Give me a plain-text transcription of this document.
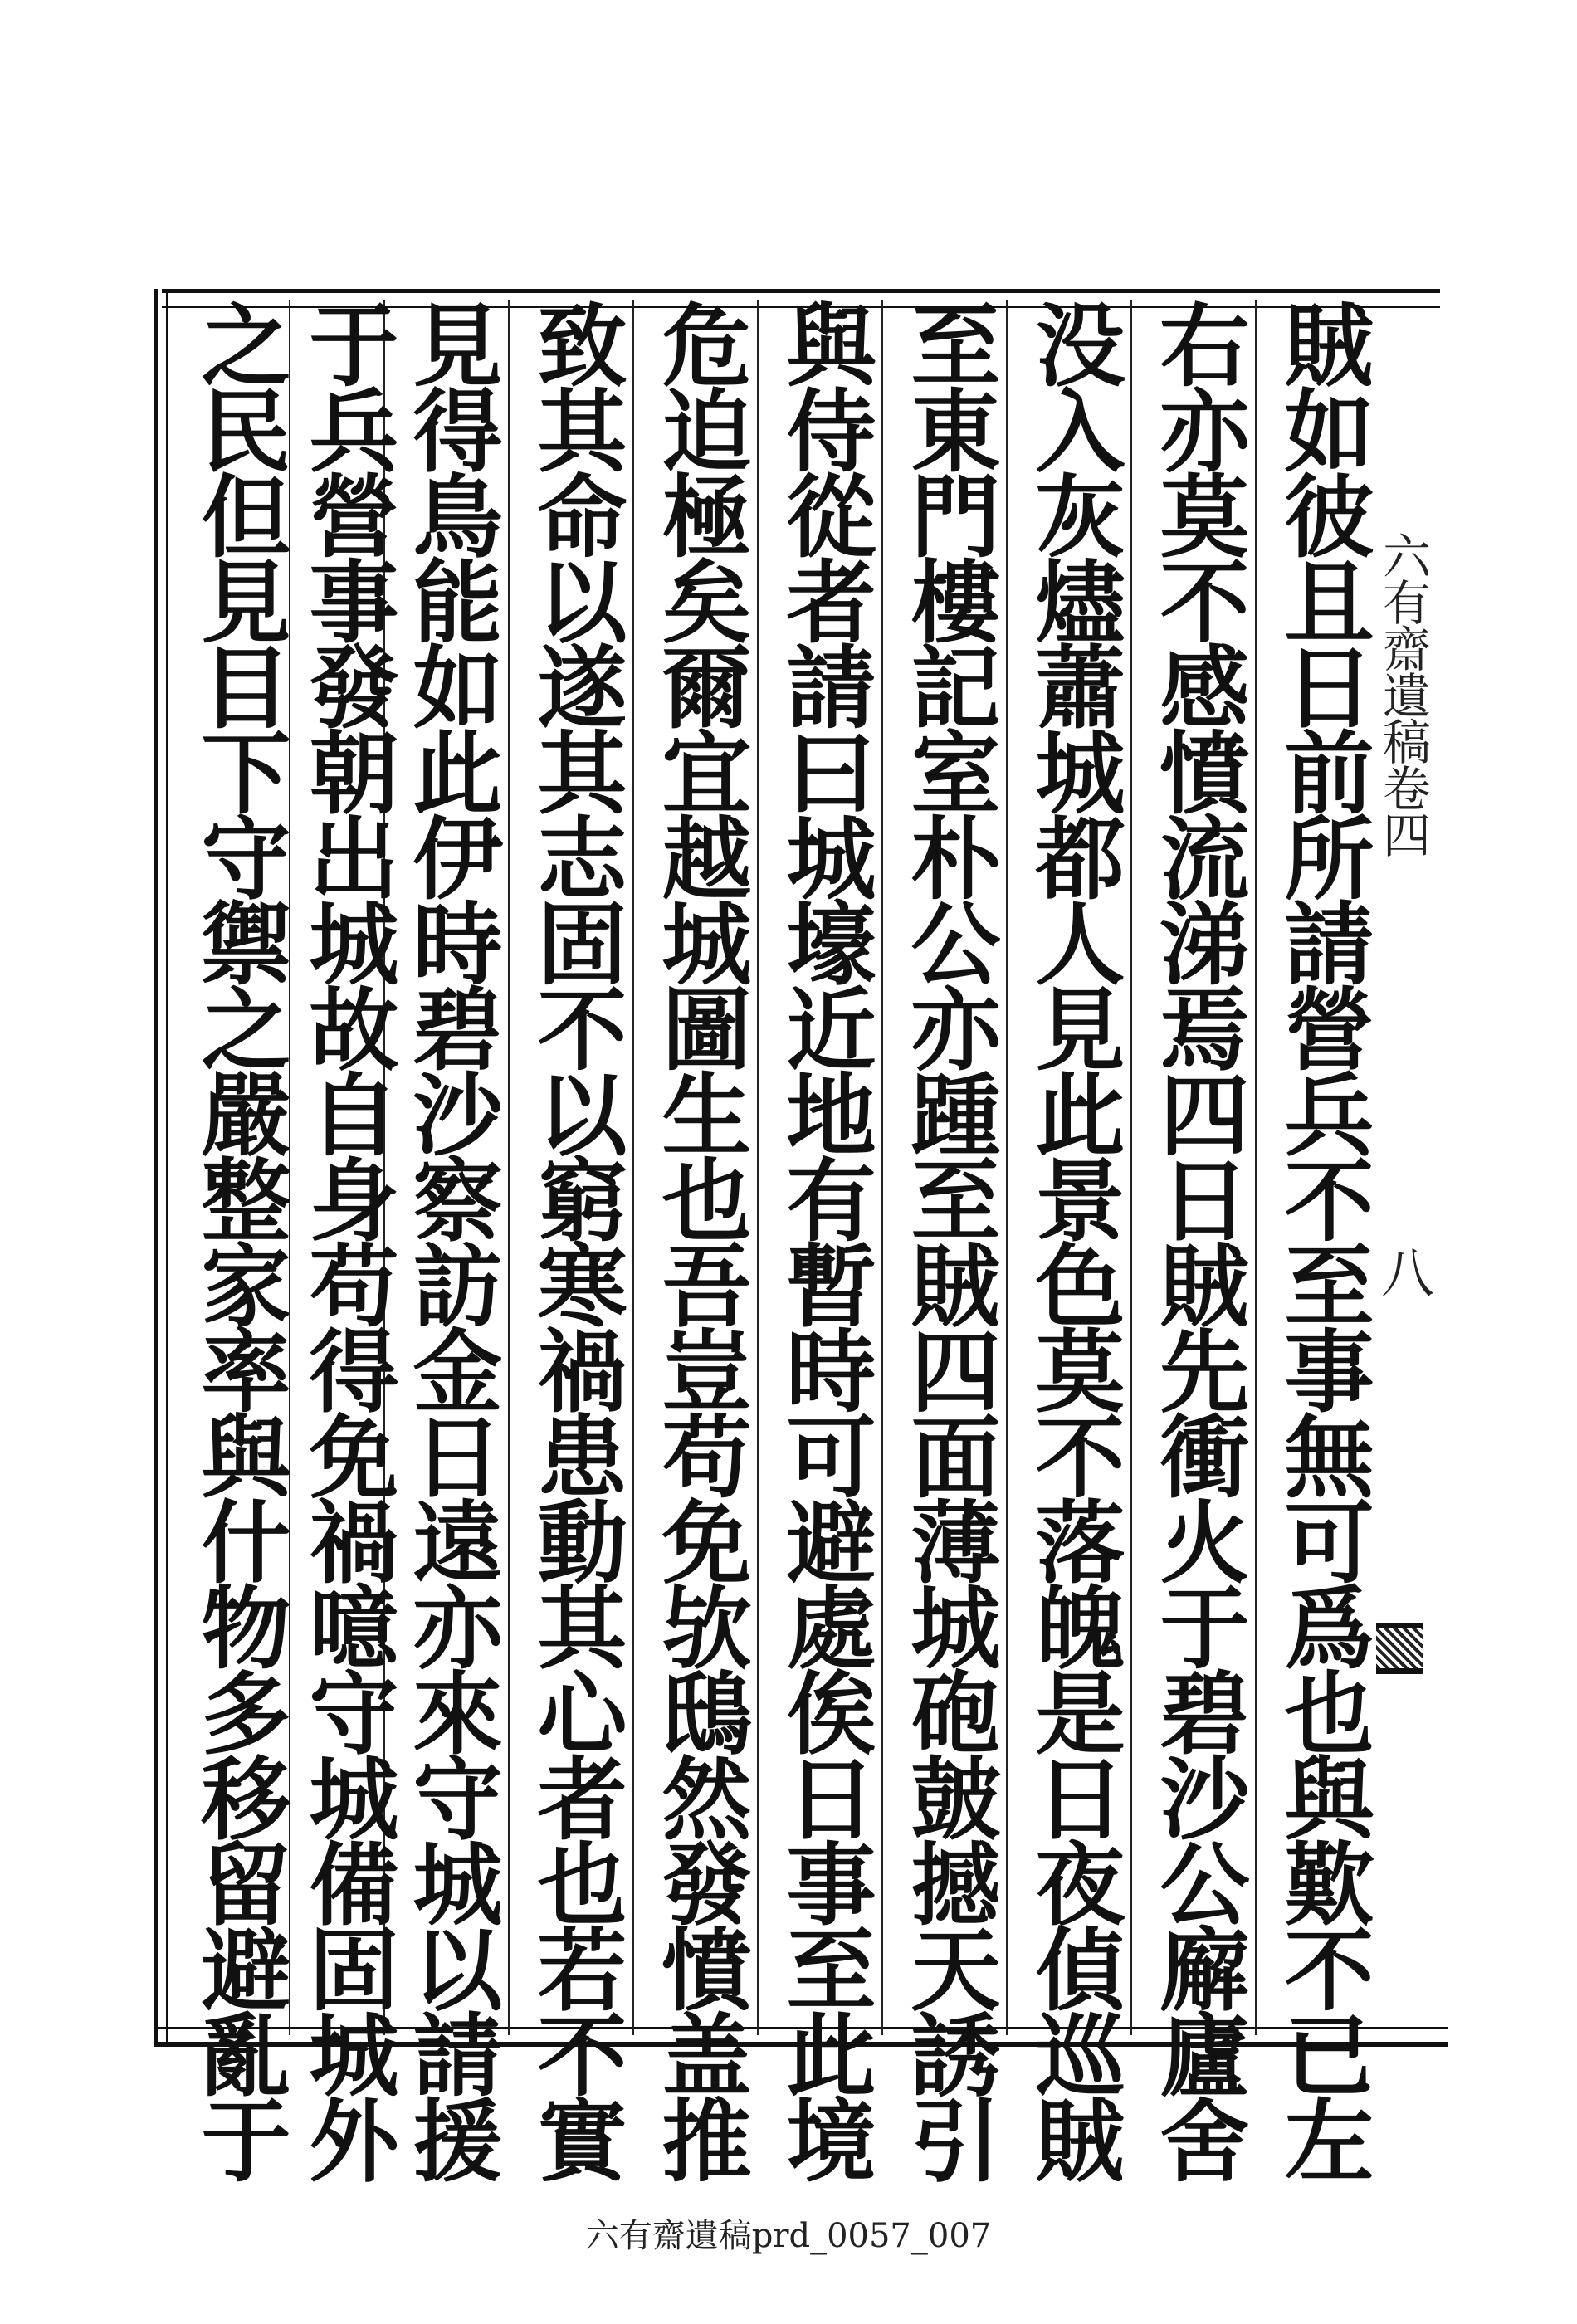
賊如彼且日前所請營兵不至事無可爲也與歎不已左
右亦莫不感憤流涕焉四日賊先衝火于碧沙公廨廬舍
没入灰燼蕭城都人見此景色莫不落魄是日夜偵巡賊
至東門樓記室朴公亦踵至賊四面薄城砲皷撼天誘引
與侍從者請曰城壕近地有暫時可避處俟日事至此境
危迫極矣爾宜越城圖生也吾豈苟免欤䲭然發憤盖推
致其命以遂其志固不以窮寒禍患動其心者也若不實
見得鳥能如此伊時碧沙察訪金日遠亦來守城以請援
于兵營事發朝出城故自身苟得免禍噫守城備固城外
之民但見目下守禦之嚴整家率與什物多移留避亂于	六有齋遺稿卷四
八
六有齋遺稿prd_0057_007
